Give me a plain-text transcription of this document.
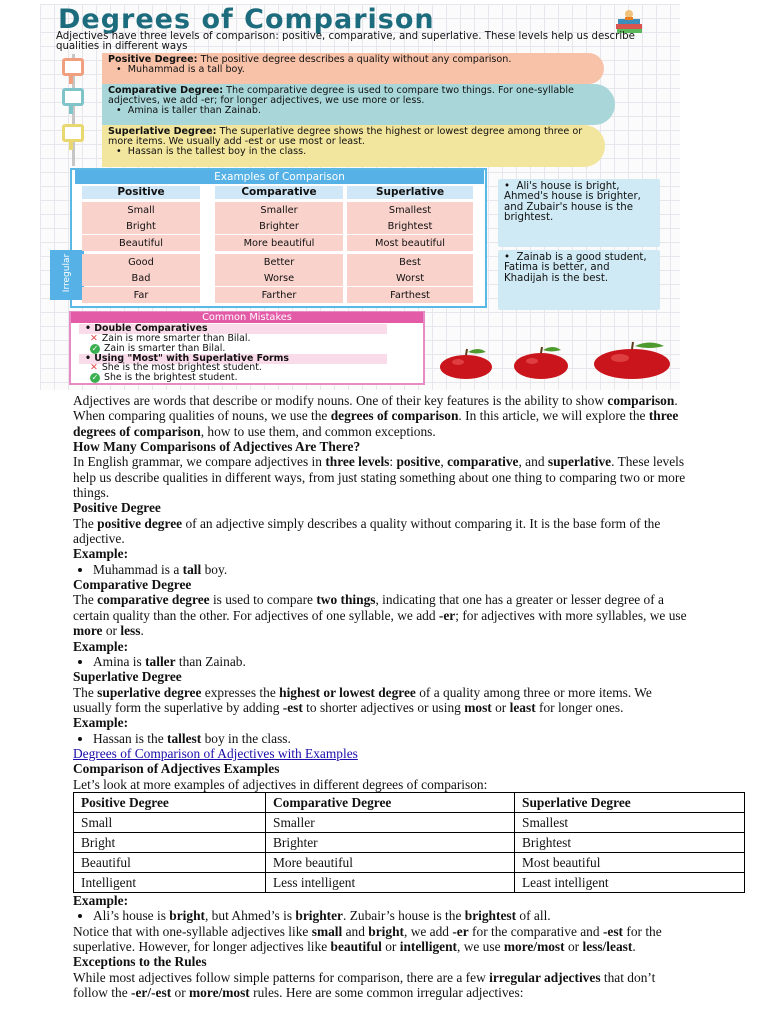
Degrees of Comparison
Adjectives have three levels of comparison: positive, comparative, and superlative. These levels help us describe qualities in different ways
Positive Degree: The positive degree describes a quality without any comparison.
•  Muhammad is a tall boy.
Comparative Degree: The comparative degree is used to compare two things. For one-syllable adjectives, we add -er; for longer adjectives, we use more or less.
•  Amina is taller than Zainab.
Superlative Degree: The superlative degree shows the highest or lowest degree among three or more items. We usually add -est or use most or least.
•  Hassan is the tallest boy in the class.
Examples of Comparison
Irregular
Positive	Comparative	Superlative
Small	Smaller	Smallest
Bright	Brighter	Brightest
Beautiful	More beautiful	Most beautiful
Good	Better	Best
Bad	Worse	Worst
Far	Farther	Farthest
•  Ali's house is bright, Ahmed's house is brighter, and Zubair's house is the brightest.
•  Zainab is a good student, Fatima is better, and Khadijah is the best.
Common Mistakes
• Double Comparatives
✕ Zain is more smarter than Bilal.
✓ Zain is smarter than Bilal.
• Using "Most" with Superlative Forms
✕ She is the most brightest student.
✓ She is the brightest student.

Adjectives are words that describe or modify nouns. One of their key features is the ability to show comparison. When comparing qualities of nouns, we use the degrees of comparison. In this article, we will explore the three degrees of comparison, how to use them, and common exceptions.

How Many Comparisons of Adjectives Are There?

In English grammar, we compare adjectives in three levels: positive, comparative, and superlative. These levels help us describe qualities in different ways, from just stating something about one thing to comparing two or more things.

Positive Degree

The positive degree of an adjective simply describes a quality without comparing it. It is the base form of the adjective.

Example:
• Muhammad is a tall boy.
Comparative Degree

The comparative degree is used to compare two things, indicating that one has a greater or lesser degree of a certain quality than the other. For adjectives of one syllable, we add -er; for adjectives with more syllables, we use more or less.

Example:
• Amina is taller than Zainab.
Superlative Degree

The superlative degree expresses the highest or lowest degree of a quality among three or more items. We usually form the superlative by adding -est to shorter adjectives or using most or least for longer ones.

Example:
• Hassan is the tallest boy in the class.

Degrees of Comparison of Adjectives with Examples

Comparison of Adjectives Examples

Let’s look at more examples of adjectives in different degrees of comparison:

Positive Degree	Comparative Degree	Superlative Degree
Small	Smaller	Smallest
Bright	Brighter	Brightest
Beautiful	More beautiful	Most beautiful
Intelligent	Less intelligent	Least intelligent
Example:
• Ali’s house is bright, but Ahmed’s is brighter. Zubair’s house is the brightest of all.

Notice that with one-syllable adjectives like small and bright, we add -er for the comparative and -est for the superlative. However, for longer adjectives like beautiful or intelligent, we use more/most or less/least.

Exceptions to the Rules

While most adjectives follow simple patterns for comparison, there are a few irregular adjectives that don’t follow the -er/-est or more/most rules. Here are some common irregular adjectives:
